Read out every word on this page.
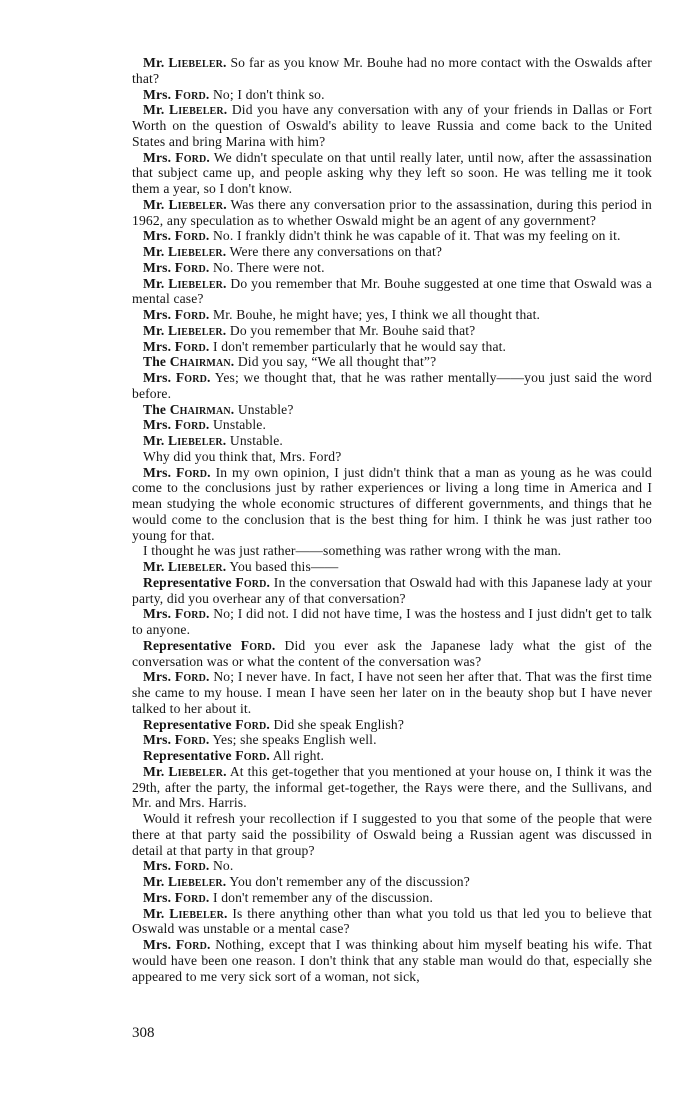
Mr. Liebeler. So far as you know Mr. Bouhe had no more contact with the Oswalds after that?

Mrs. Ford. No; I don't think so.

Mr. Liebeler. Did you have any conversation with any of your friends in Dallas or Fort Worth on the question of Oswald's ability to leave Russia and come back to the United States and bring Marina with him?

Mrs. Ford. We didn't speculate on that until really later, until now, after the assassination that subject came up, and people asking why they left so soon. He was telling me it took them a year, so I don't know.

Mr. Liebeler. Was there any conversation prior to the assassination, during this period in 1962, any speculation as to whether Oswald might be an agent of any government?

Mrs. Ford. No. I frankly didn't think he was capable of it. That was my feeling on it.

Mr. Liebeler. Were there any conversations on that?

Mrs. Ford. No. There were not.

Mr. Liebeler. Do you remember that Mr. Bouhe suggested at one time that Oswald was a mental case?

Mrs. Ford. Mr. Bouhe, he might have; yes, I think we all thought that.

Mr. Liebeler. Do you remember that Mr. Bouhe said that?

Mrs. Ford. I don't remember particularly that he would say that.

The Chairman. Did you say, “We all thought that”?

Mrs. Ford. Yes; we thought that, that he was rather mentally——you just said the word before.

The Chairman. Unstable?

Mrs. Ford. Unstable.

Mr. Liebeler. Unstable.

Why did you think that, Mrs. Ford?

Mrs. Ford. In my own opinion, I just didn't think that a man as young as he was could come to the conclusions just by rather experiences or living a long time in America and I mean studying the whole economic structures of different governments, and things that he would come to the conclusion that is the best thing for him. I think he was just rather too young for that.

I thought he was just rather——something was rather wrong with the man.

Mr. Liebeler. You based this——

Representative Ford. In the conversation that Oswald had with this Japanese lady at your party, did you overhear any of that conversation?

Mrs. Ford. No; I did not. I did not have time, I was the hostess and I just didn't get to talk to anyone.

Representative Ford. Did you ever ask the Japanese lady what the gist of the conversation was or what the content of the conversation was?

Mrs. Ford. No; I never have. In fact, I have not seen her after that. That was the first time she came to my house. I mean I have seen her later on in the beauty shop but I have never talked to her about it.

Representative Ford. Did she speak English?

Mrs. Ford. Yes; she speaks English well.

Representative Ford. All right.

Mr. Liebeler. At this get-together that you mentioned at your house on, I think it was the 29th, after the party, the informal get-together, the Rays were there, and the Sullivans, and Mr. and Mrs. Harris.

Would it refresh your recollection if I suggested to you that some of the people that were there at that party said the possibility of Oswald being a Russian agent was discussed in detail at that party in that group?

Mrs. Ford. No.

Mr. Liebeler. You don't remember any of the discussion?

Mrs. Ford. I don't remember any of the discussion.

Mr. Liebeler. Is there anything other than what you told us that led you to believe that Oswald was unstable or a mental case?

Mrs. Ford. Nothing, except that I was thinking about him myself beating his wife. That would have been one reason. I don't think that any stable man would do that, especially she appeared to me very sick sort of a woman, not sick,

308
